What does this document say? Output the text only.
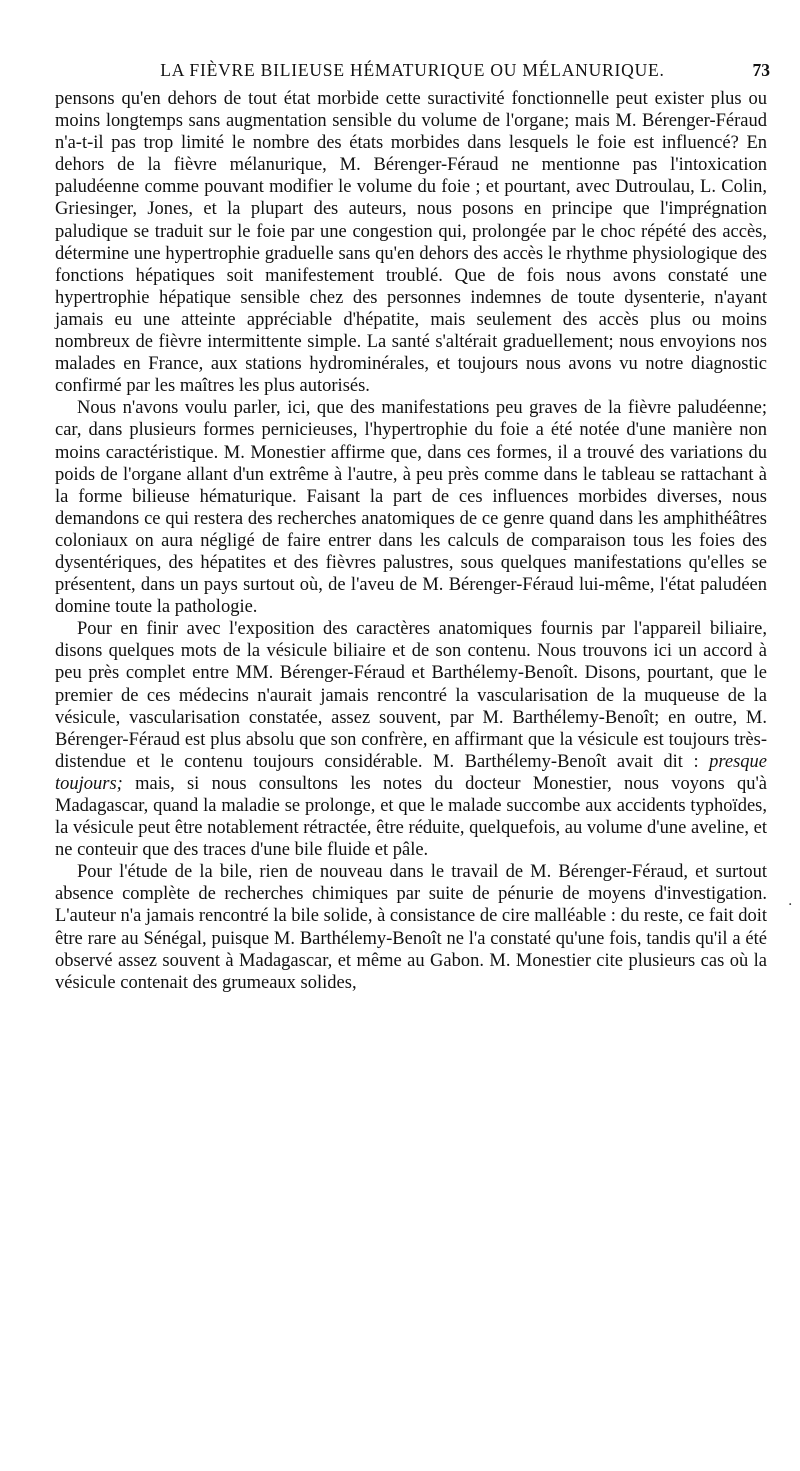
LA FIÈVRE BILIEUSE HÉMATURIQUE OU MÉLANURIQUE.	73

pensons qu'en dehors de tout état morbide cette suractivité fonctionnelle peut exister plus ou moins longtemps sans augmentation sensible du volume de l'organe; mais M. Bérenger-Féraud n'a-t-il pas trop limité le nombre des états morbides dans lesquels le foie est influencé? En dehors de la fièvre mélanurique, M. Bérenger-Féraud ne mentionne pas l'intoxication paludéenne comme pouvant modifier le volume du foie ; et pourtant, avec Dutroulau, L. Colin, Griesinger, Jones, et la plupart des auteurs, nous posons en principe que l'imprégnation paludique se traduit sur le foie par une congestion qui, prolongée par le choc répété des accès, détermine une hypertrophie graduelle sans qu'en dehors des accès le rhythme physiologique des fonctions hépatiques soit manifestement troublé. Que de fois nous avons constaté une hypertrophie hépatique sensible chez des personnes indemnes de toute dysenterie, n'ayant jamais eu une atteinte appréciable d'hépatite, mais seulement des accès plus ou moins nombreux de fièvre intermittente simple. La santé s'altérait graduellement; nous envoyions nos malades en France, aux stations hydrominérales, et toujours nous avons vu notre diagnostic confirmé par les maîtres les plus autorisés.

Nous n'avons voulu parler, ici, que des manifestations peu graves de la fièvre paludéenne; car, dans plusieurs formes pernicieuses, l'hypertrophie du foie a été notée d'une manière non moins caractéristique. M. Monestier affirme que, dans ces formes, il a trouvé des variations du poids de l'organe allant d'un extrême à l'autre, à peu près comme dans le tableau se rattachant à la forme bilieuse hématurique. Faisant la part de ces influences morbides diverses, nous demandons ce qui restera des recherches anatomiques de ce genre quand dans les amphithéâtres coloniaux on aura négligé de faire entrer dans les calculs de comparaison tous les foies des dysentériques, des hépatites et des fièvres palustres, sous quelques manifestations qu'elles se présentent, dans un pays surtout où, de l'aveu de M. Bérenger-Féraud lui-même, l'état paludéen domine toute la pathologie.

Pour en finir avec l'exposition des caractères anatomiques fournis par l'appareil biliaire, disons quelques mots de la vésicule biliaire et de son contenu. Nous trouvons ici un accord à peu près complet entre MM. Bérenger-Féraud et Barthélemy-Benoît. Disons, pourtant, que le premier de ces médecins n'aurait jamais rencontré la vascularisation de la muqueuse de la vésicule, vascularisation constatée, assez souvent, par M. Barthélemy-Benoît; en outre, M. Bérenger-Féraud est plus absolu que son confrère, en affirmant que la vésicule est toujours très-distendue et le contenu toujours considérable. M. Barthélemy-Benoît avait dit : presque toujours; mais, si nous consultons les notes du docteur Monestier, nous voyons qu'à Madagascar, quand la maladie se prolonge, et que le malade succombe aux accidents typhoïdes, la vésicule peut être notablement rétractée, être réduite, quelquefois, au volume d'une aveline, et ne conteuir que des traces d'une bile fluide et pâle.

Pour l'étude de la bile, rien de nouveau dans le travail de M. Bérenger-Féraud, et surtout absence complète de recherches chimiques par suite de pénurie de moyens d'investigation. L'auteur n'a jamais rencontré la bile solide, à consistance de cire malléable : du reste, ce fait doit être rare au Sénégal, puisque M. Barthélemy-Benoît ne l'a constaté qu'une fois, tandis qu'il a été observé assez souvent à Madagascar, et même au Gabon. M. Monestier cite plusieurs cas où la vésicule contenait des grumeaux solides,

·
